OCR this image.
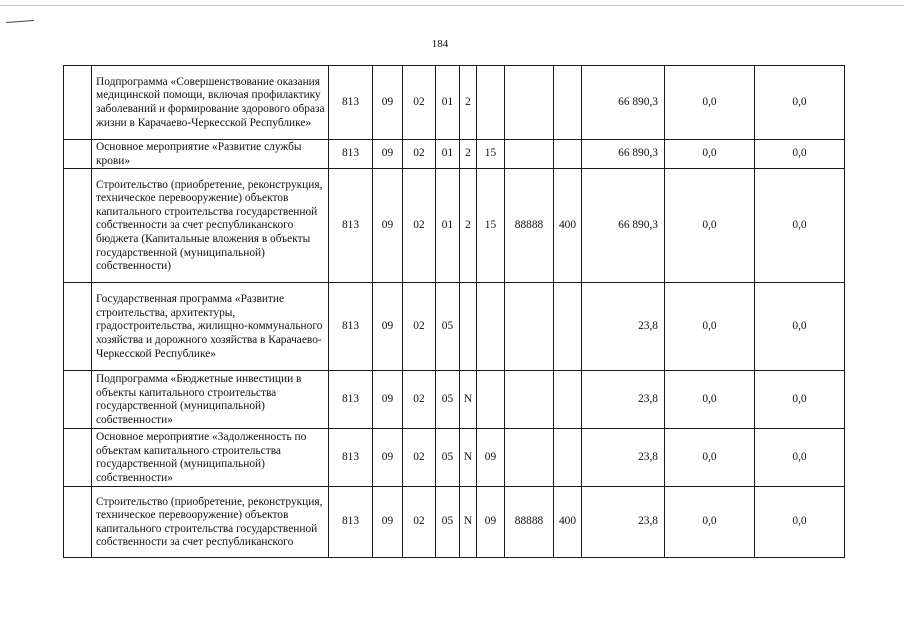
184
	Подпрограмма «Совершенствование оказания медицинской помощи, включая профилактику заболеваний и формирование здорового образа жизни в Карачаево-Черкесской Республике»	813	09	02	01	2				66 890,3	0,0	0,0
	Основное мероприятие «Развитие службы крови»	813	09	02	01	2	15			66 890,3	0,0	0,0
	Строительство (приобретение, реконструкция, техническое перевооружение) объектов капитального строительства государственной собственности за счет республиканского бюджета (Капитальные вложения в объекты государственной (муниципальной) собственности)	813	09	02	01	2	15	88888	400	66 890,3	0,0	0,0
	Государственная программа «Развитие строительства, архитектуры, градостроительства, жилищно-коммунального хозяйства и дорожного хозяйства в Карачаево-Черкесской Республике»	813	09	02	05					23,8	0,0	0,0
	Подпрограмма «Бюджетные инвестиции в объекты капитального строительства государственной (муниципальной) собственности»	813	09	02	05	N				23,8	0,0	0,0
	Основное мероприятие «Задолженность по объектам капитального строительства государственной (муниципальной) собственности»	813	09	02	05	N	09			23,8	0,0	0,0
	Строительство (приобретение, реконструкция, техническое перевооружение) объектов капитального строительства государственной собственности за счет республиканского	813	09	02	05	N	09	88888	400	23,8	0,0	0,0
